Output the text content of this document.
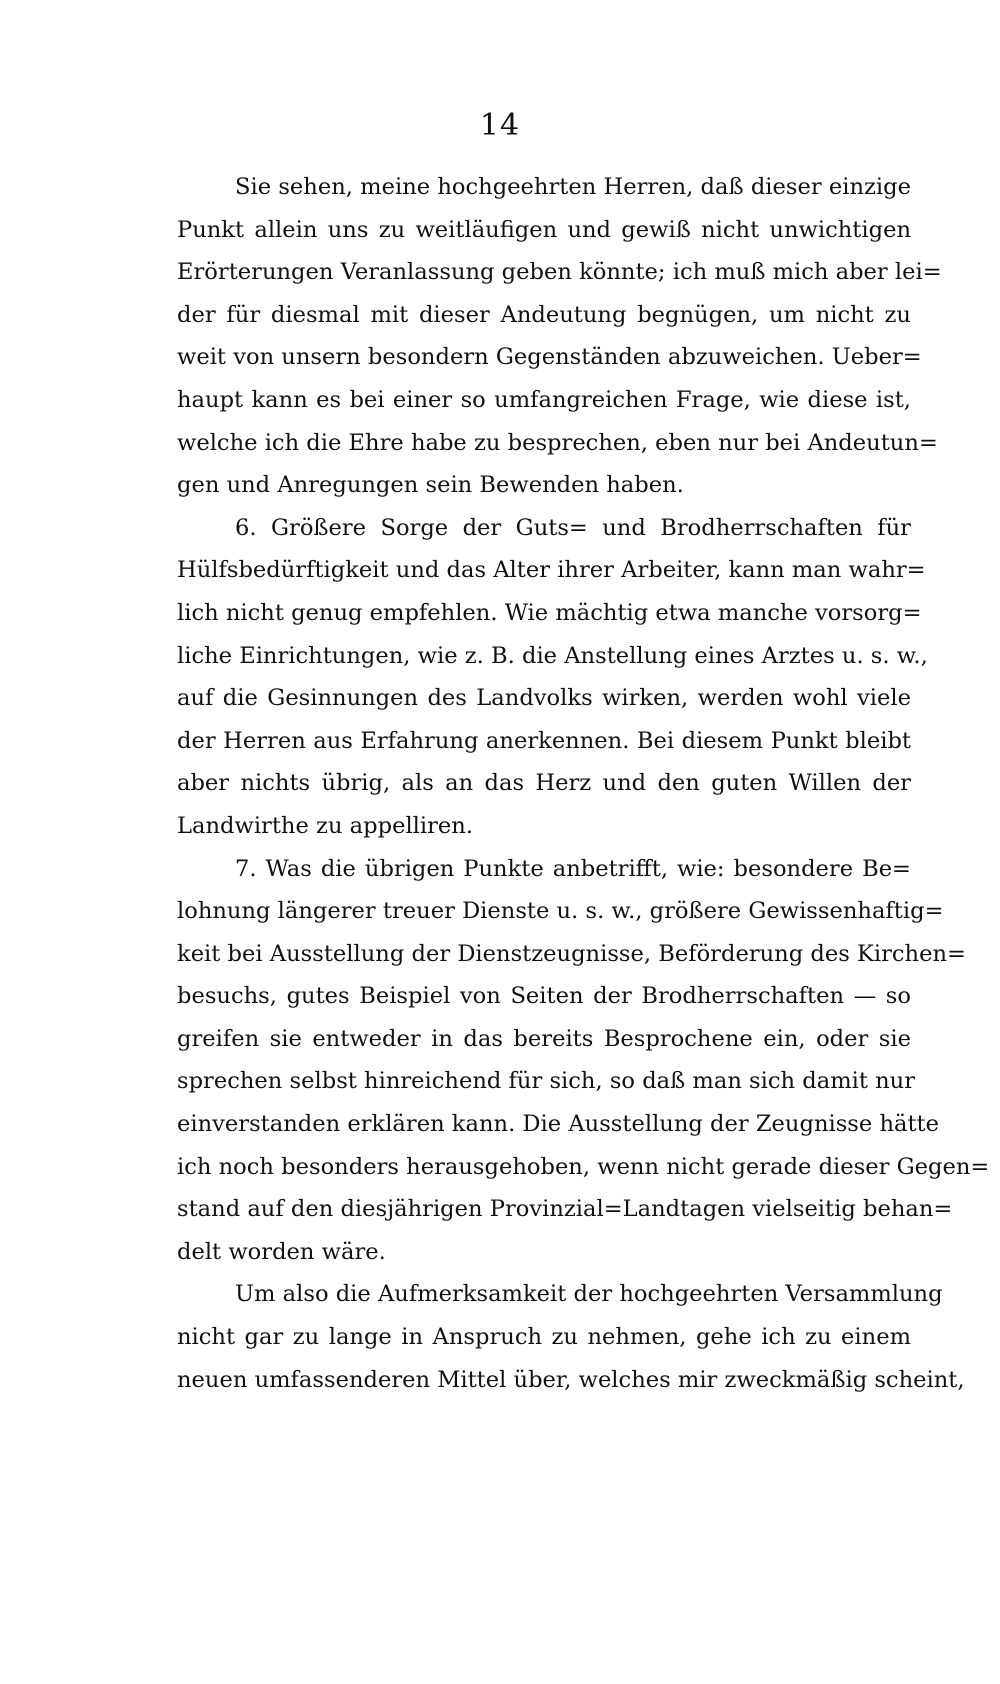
14
Sie sehen, meine hochgeehrten Herren, daß dieser einzige
Punkt allein uns zu weitläufigen und gewiß nicht unwichtigen
Erörterungen Veranlassung geben könnte; ich muß mich aber lei=
der für diesmal mit dieser Andeutung begnügen, um nicht zu
weit von unsern besondern Gegenständen abzuweichen. Ueber=
haupt kann es bei einer so umfangreichen Frage, wie diese ist,
welche ich die Ehre habe zu besprechen, eben nur bei Andeutun=
gen und Anregungen sein Bewenden haben.
6. Größere Sorge der Guts= und Brodherrschaften für
Hülfsbedürftigkeit und das Alter ihrer Arbeiter, kann man wahr=
lich nicht genug empfehlen. Wie mächtig etwa manche vorsorg=
liche Einrichtungen, wie z. B. die Anstellung eines Arztes u. s. w.,
auf die Gesinnungen des Landvolks wirken, werden wohl viele
der Herren aus Erfahrung anerkennen. Bei diesem Punkt bleibt
aber nichts übrig, als an das Herz und den guten Willen der
Landwirthe zu appelliren.
7. Was die übrigen Punkte anbetrifft, wie: besondere Be=
lohnung längerer treuer Dienste u. s. w., größere Gewissenhaftig=
keit bei Ausstellung der Dienstzeugnisse, Beförderung des Kirchen=
besuchs, gutes Beispiel von Seiten der Brodherrschaften — so
greifen sie entweder in das bereits Besprochene ein, oder sie
sprechen selbst hinreichend für sich, so daß man sich damit nur
einverstanden erklären kann. Die Ausstellung der Zeugnisse hätte
ich noch besonders herausgehoben, wenn nicht gerade dieser Gegen=
stand auf den diesjährigen Provinzial=Landtagen vielseitig behan=
delt worden wäre.
Um also die Aufmerksamkeit der hochgeehrten Versammlung
nicht gar zu lange in Anspruch zu nehmen, gehe ich zu einem
neuen umfassenderen Mittel über, welches mir zweckmäßig scheint,
